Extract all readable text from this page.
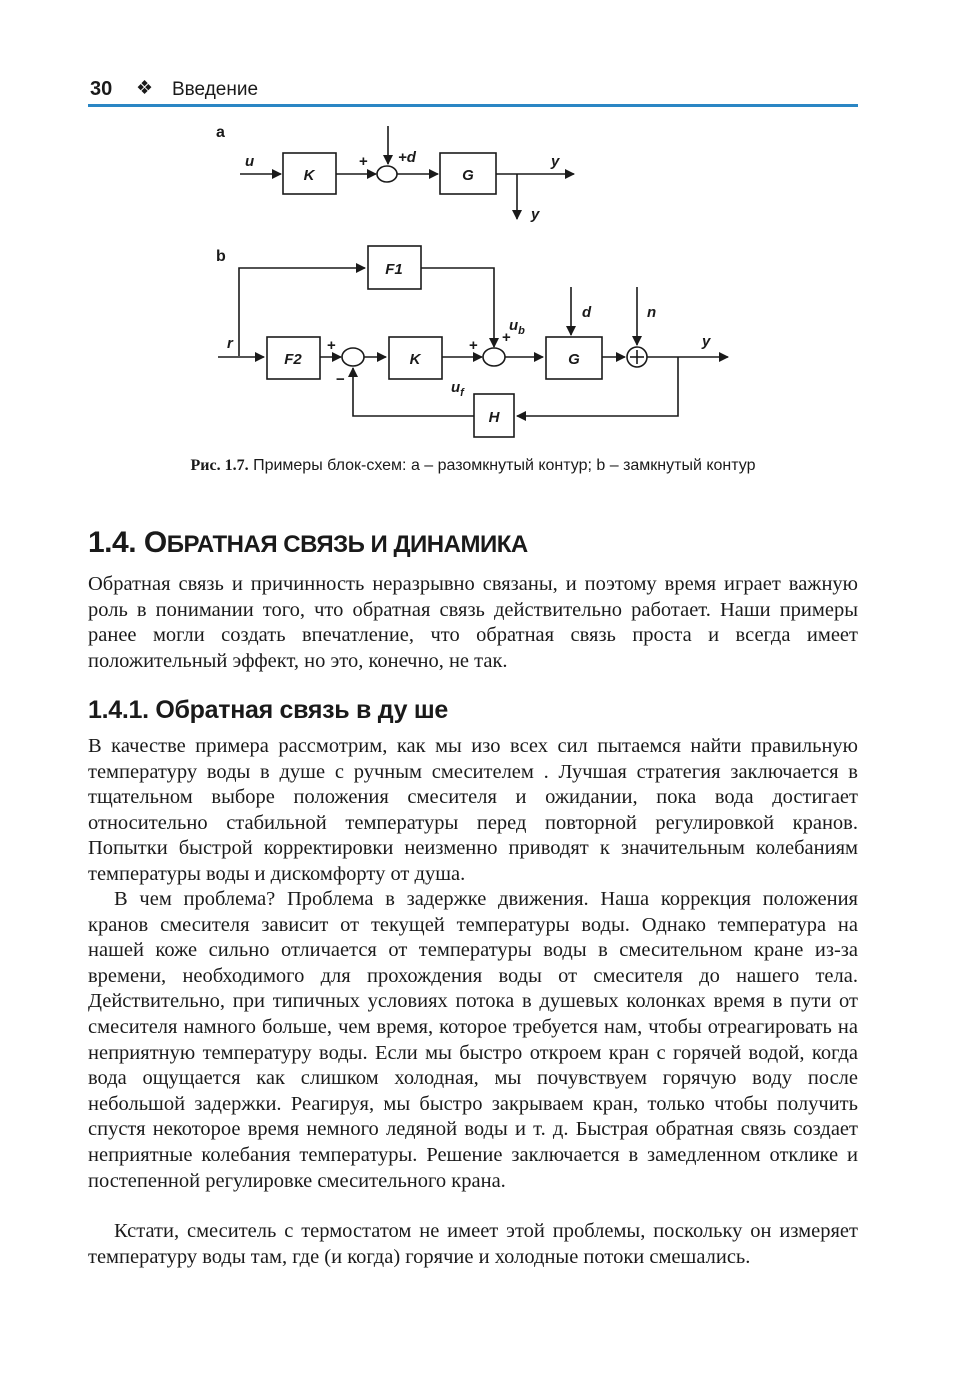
30 ❖ Введение
a
u	+ +d
K	G
y
y
b
F1
r
F2
+
−
K
+ +
$u_b$
G
d	n
y
$u_f$
H
Рис. 1.7. Примеры блок-схем: a – разомкнутый контур; b – замкнутый контур
1.4. ОБРАТНАЯ СВЯЗЬ И ДИНАМИКА

Обратная связь и причинность неразрывно связаны, и поэтому время играет важную роль в понимании того, что обратная связь действительно работает. Наши примеры ранее могли создать впечатление, что обратная связь проста и всегда имеет положительный эффект, но это, конечно, не так.

1.4.1. Обратная связь в ду ше

В качестве примера рассмотрим, как мы изо всех сил пытаемся найти правильную температуру воды в душе с ручным смесителем . Лучшая стратегия заключается в тщательном выборе положения смесителя и ожидании, пока вода достигает относительно стабильной температуры перед повторной регулировкой кранов. Попытки быстрой корректировки неизменно приводят к значительным колебаниям температуры воды и дискомфорту от душа.

В чем проблема? Проблема в задержке движения. Наша коррекция положения кранов смесителя зависит от текущей температуры воды. Однако температура на нашей коже сильно отличается от температуры воды в смесительном кране из-за времени, необходимого для прохождения воды от смесителя до нашего тела. Действительно, при типичных условиях потока в душевых колонках время в пути от смесителя намного больше, чем время, которое требуется нам, чтобы отреагировать на неприятную температуру воды. Если мы быстро откроем кран с горячей водой, когда вода ощущается как слишком холодная, мы почувствуем горячую воду после небольшой задержки. Реагируя, мы быстро закрываем кран, только чтобы получить спустя некоторое время немного ледяной воды и т. д. Быстрая обратная связь создает неприятные колебания температуры. Решение заключается в замедленном отклике и постепенной регулировке смесительного крана.

Кстати, смеситель с термостатом не имеет этой проблемы, поскольку он измеряет температуру воды там, где (и когда) горячие и холодные потоки смешались.
